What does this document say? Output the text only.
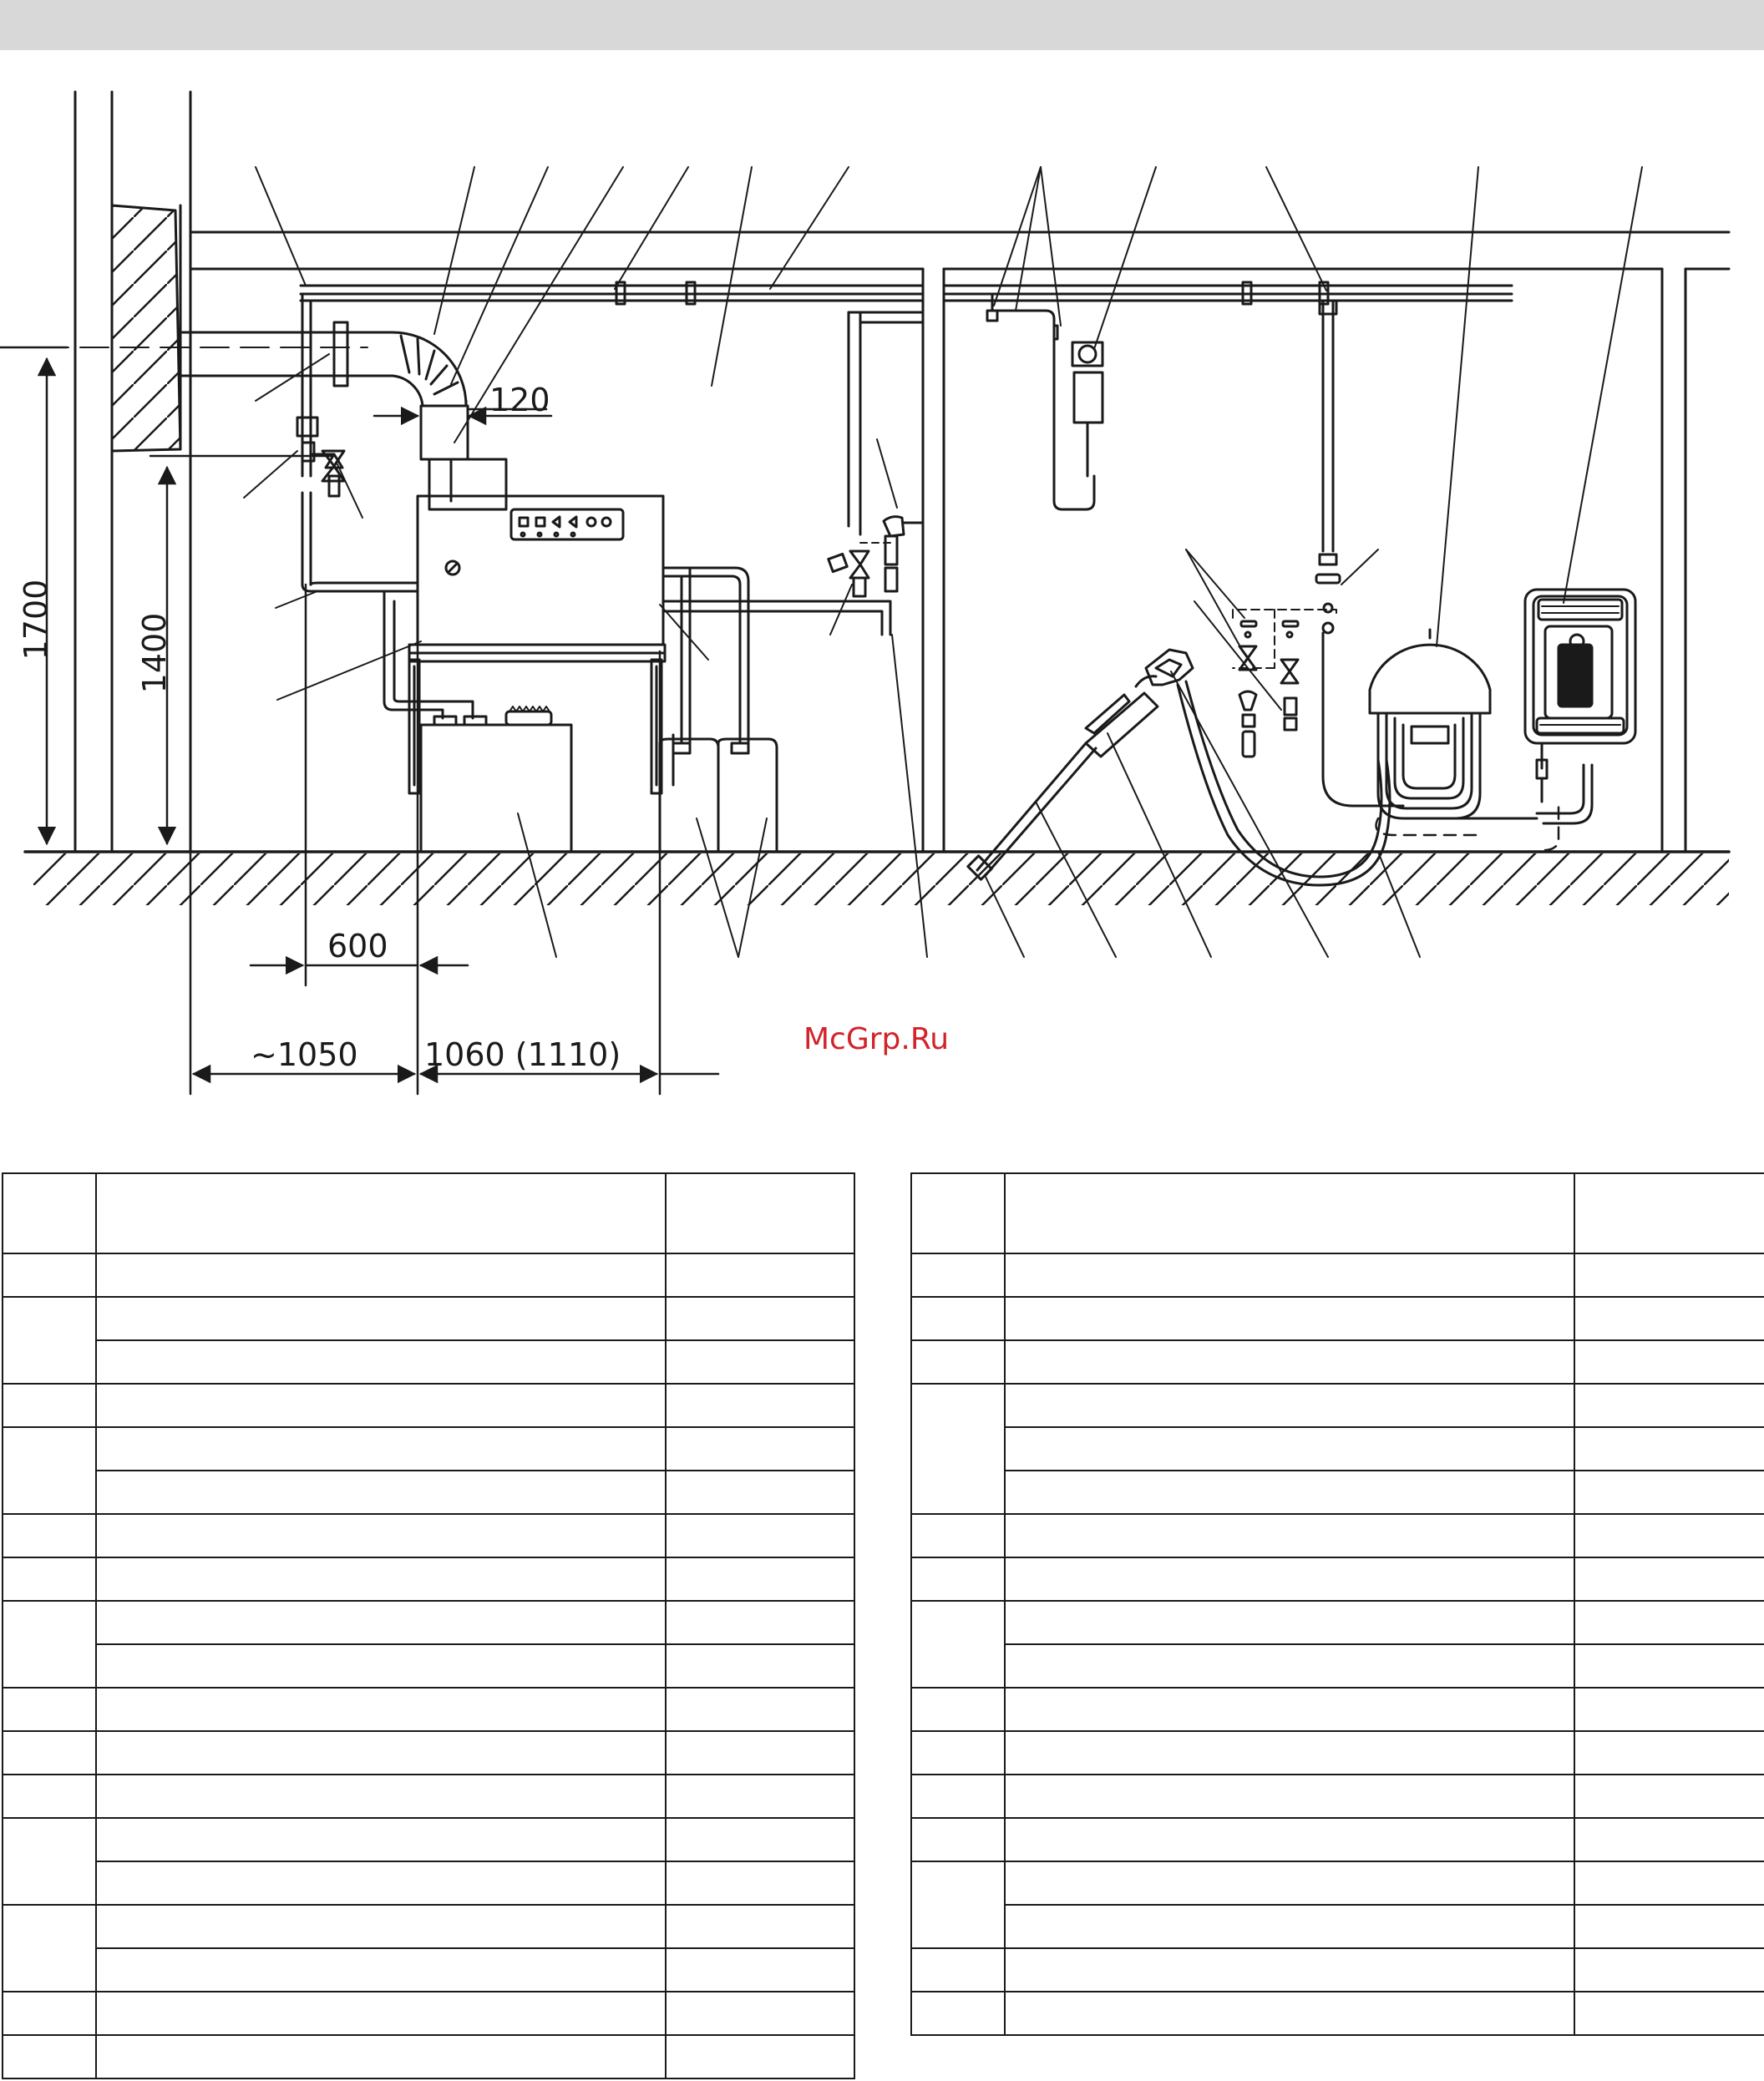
120
1700	1400
600
~1050 1060 (1110)	McGrp.Ru
